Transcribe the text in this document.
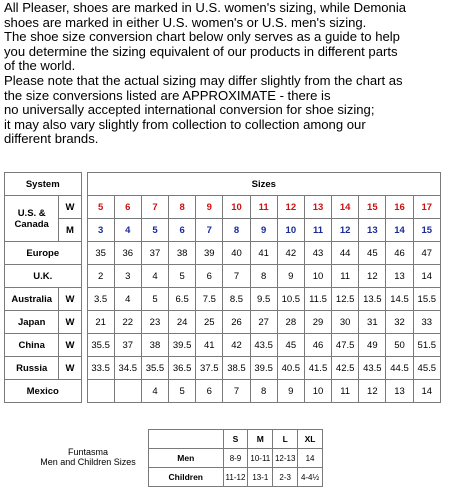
All Pleaser, shoes are marked in U.S. women's sizing, while Demonia

shoes are marked in either U.S. women's or U.S. men's sizing.

The shoe size conversion chart below only serves as a guide to help

you determine the sizing equivalent of our products in different parts

of the world.

Please note that the actual sizing may differ slightly from the chart as

the size conversions listed are APPROXIMATE - there is

no universally accepted international conversion for shoe sizing;

it may also vary slightly from collection to collection among our

different brands.

System			Sizes												
U.S. & Canada	W		5	6	7	8	9	10	11	12	13	14	15	16	17
	M		3	4	5	6	7	8	9	10	11	12	13	14	15
Europe			35	36	37	38	39	40	41	42	43	44	45	46	47
U.K.			2	3	4	5	6	7	8	9	10	11	12	13	14
Australia	W		3.5	4	5	6.5	7.5	8.5	9.5	10.5	11.5	12.5	13.5	14.5	15.5
Japan	W		21	22	23	24	25	26	27	28	29	30	31	32	33
China	W		35.5	37	38	39.5	41	42	43.5	45	46	47.5	49	50	51.5
Russia	W		33.5	34.5	35.5	36.5	37.5	38.5	39.5	40.5	41.5	42.5	43.5	44.5	45.5
Mexico					4	5	6	7	8	9	10	11	12	13	14
Funtasma
Men and Children Sizes
	S	M	L	XL
Men	8-9	10-11	12-13	14
Children	11-12	13-1	2-3	4-4½
